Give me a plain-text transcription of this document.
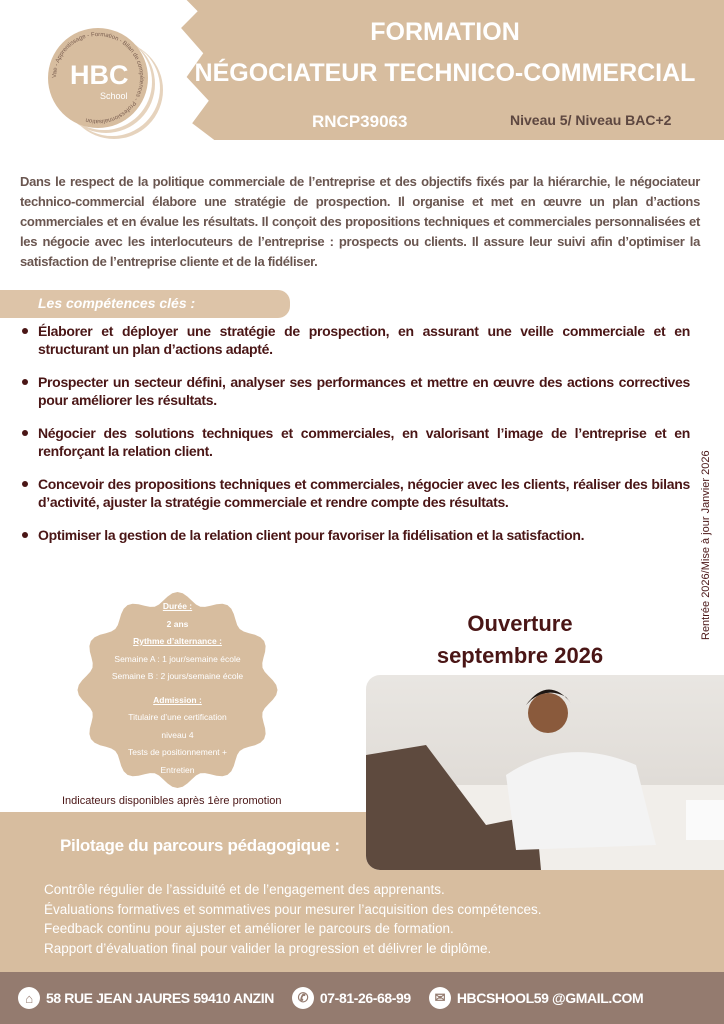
Vae - Apprentissage - Formation - Bilan de compétences - Professionnalisation
HBC
School
FORMATION
NÉGOCIATEUR TECHNICO-COMMERCIAL
RNCP39063	Niveau 5/ Niveau BAC+2

Dans le respect de la politique commerciale de l’entreprise et des objectifs fixés par la hiérarchie, le négociateur technico-commercial élabore une stratégie de prospection. Il organise et met en œuvre un plan d’actions commerciales et en évalue les résultats. Il conçoit des propositions techniques et commerciales personnalisées et les négocie avec les interlocuteurs de l’entreprise : prospects ou clients. Il assure leur suivi afin d’optimiser la satisfaction de l’entreprise cliente et de la fidéliser.

Les compétences clés :
Élaborer et déployer une stratégie de prospection, en assurant une veille commerciale et en structurant un plan d’actions adapté.
Prospecter un secteur défini, analyser ses performances et mettre en œuvre des actions correctives pour améliorer les résultats.
Négocier des solutions techniques et commerciales, en valorisant l’image de l’entreprise et en renforçant la relation client.
Concevoir des propositions techniques et commerciales, négocier avec les clients, réaliser des bilans d’activité, ajuster la stratégie commerciale et rendre compte des résultats.
Optimiser la gestion de la relation client pour favoriser la fidélisation et la satisfaction.	Rentrée 2026/Mise à jour Janvier 2026
Durée :
2 ans
Rythme d’alternance :
Semaine A : 1 jour/semaine école
Semaine B : 2 jours/semaine école
Admission :
Titulaire d’une certification
niveau 4
Tests de positionnement +
Entretien
Indicateurs disponibles après 1ère promotion
Ouverture
septembre 2026
Pilotage du parcours pédagogique :
Contrôle régulier de l’assiduité et de l’engagement des apprenants.
Évaluations formatives et sommatives pour mesurer l’acquisition des compétences.
Feedback continu pour ajuster et améliorer le parcours de formation.
Rapport d’évaluation final pour valider la progression et délivrer le diplôme.
⌂ 58 RUE JEAN JAURES 59410 ANZIN	✆ 07-81-26-68-99	✉ HBCSHOOL59 @GMAIL.COM
